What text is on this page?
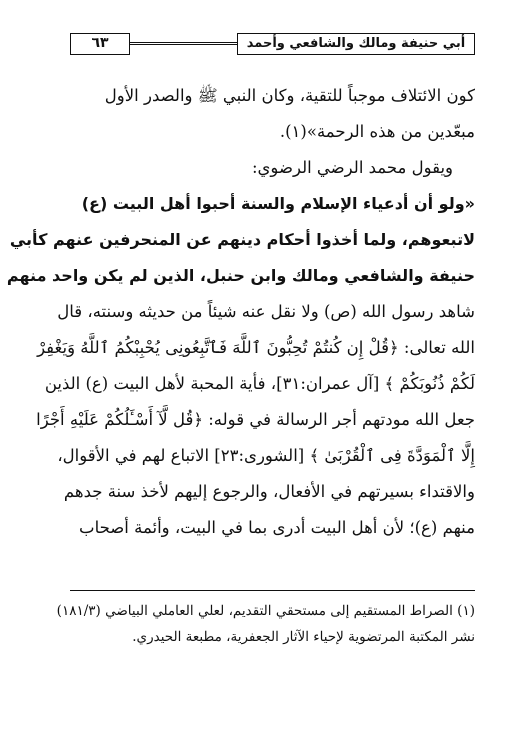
أبي حنيفة ومالك والشافعي وأحمد
٦٣
كون الائتلاف موجباً للتقية، وكان النبي ﷺ والصدر الأول
مبعّدين من هذه الرحمة»(١).
ويقول محمد الرضي الرضوي:
«ولو أن أدعياء الإسلام والسنة أحبوا أهل البيت (ع)
لاتبعوهم، ولما أخذوا أحكام دينهم عن المنحرفين عنهم كأبي
حنيفة والشافعي ومالك وابن حنبل، الذين لم يكن واحد منهم
شاهد رسول الله (ص) ولا نقل عنه شيئاً من حديثه وسنته، قال
الله تعالى: ﴿قُلْ إِن كُنتُمْ تُحِبُّونَ ٱللَّهَ فَٱتَّبِعُونِى يُحْبِبْكُمُ ٱللَّهُ وَيَغْفِرْ
لَكُمْ ذُنُوبَكُمْ ﴾ [آل عمران:٣١]، فأية المحبة لأهل البيت (ع) الذين
جعل الله مودتهم أجر الرسالة في قوله: ﴿قُل لَّآ أَسْـَٔلُكُمْ عَلَيْهِ أَجْرًا
إِلَّا ٱلْمَوَدَّةَ فِى ٱلْقُرْبَىٰ ﴾ [الشورى:٢٣] الاتباع لهم في الأقوال،
والاقتداء بسيرتهم في الأفعال، والرجوع إليهم لأخذ سنة جدهم
منهم (ع)؛ لأن أهل البيت أدرى بما في البيت، وأئمة أصحاب
(١) الصراط المستقيم إلى مستحقي التقديم، لعلي العاملي البياضي (١٨١/٣)
نشر المكتبة المرتضوية لإحياء الآثار الجعفرية، مطبعة الحيدري.
